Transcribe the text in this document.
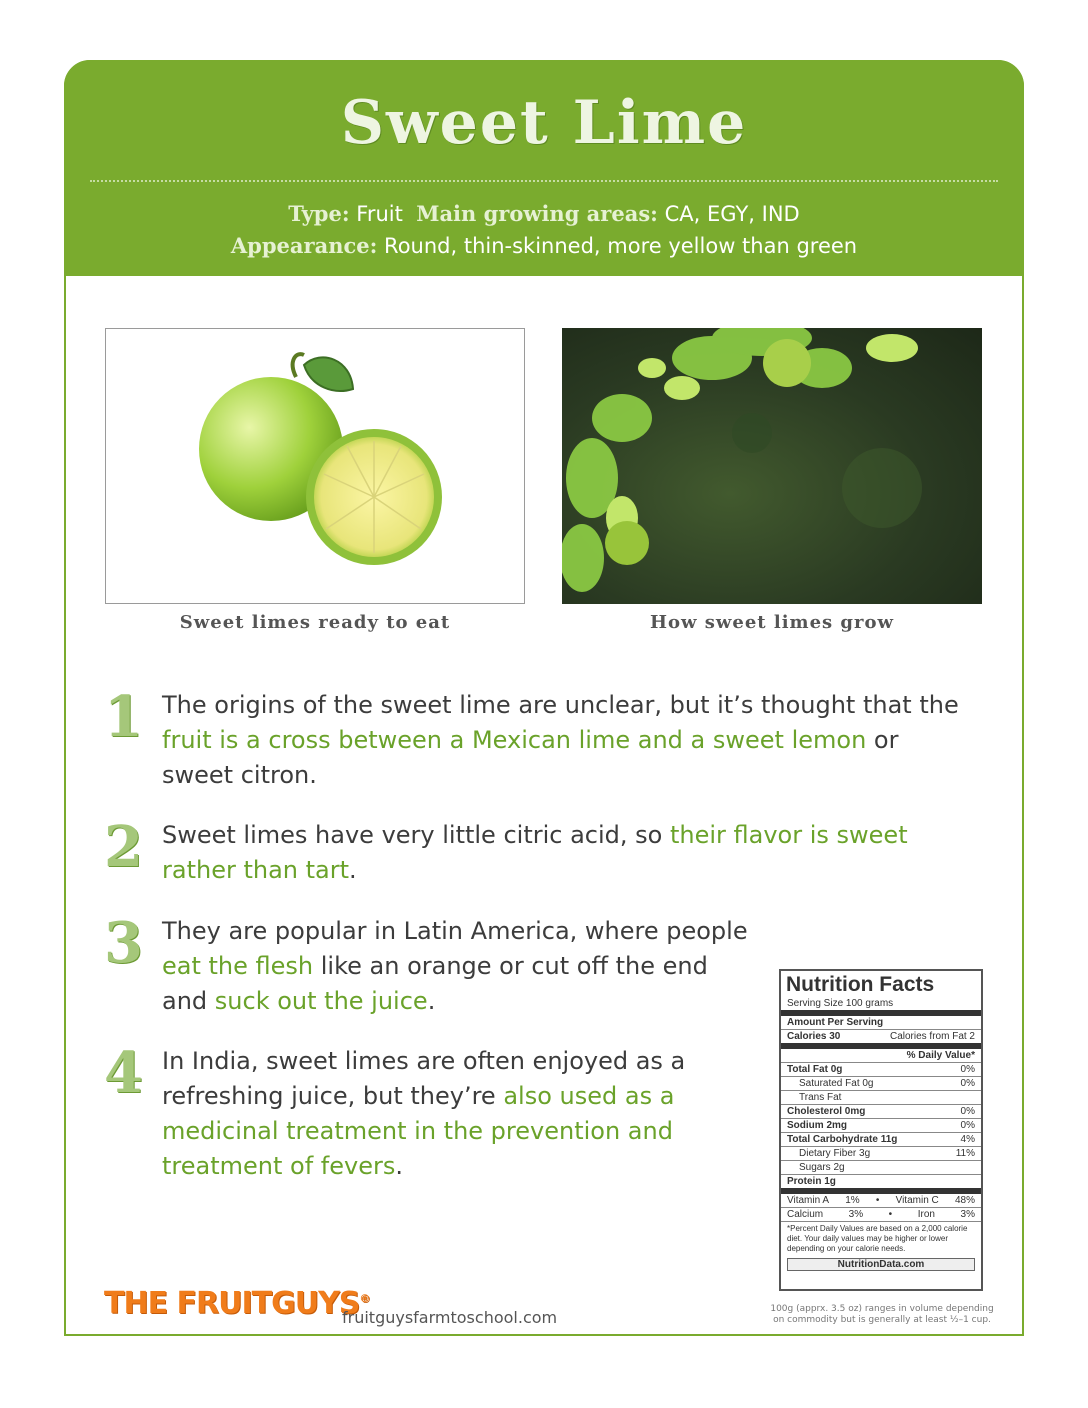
Sweet Lime
Type: Fruit Main growing areas: CA, EGY, IND
Appearance: Round, thin-skinned, more yellow than green
Sweet limes ready to eat	How sweet limes grow
1 The origins of the sweet lime are unclear, but it’s thought that the fruit is a cross between a Mexican lime and a sweet lemon or sweet citron.
2 Sweet limes have very little citric acid, so their flavor is sweet rather than tart.
3 They are popular in Latin America, where people eat the flesh like an orange or cut off the end and suck out the juice.
4 In India, sweet limes are often enjoyed as a refreshing juice, but they’re also used as a medicinal treatment in the prevention and treatment of fevers.
Nutrition Facts
Serving Size 100 grams
Amount Per Serving
Calories 30	Calories from Fat 2
% Daily Value*
Total Fat 0g	0%
Saturated Fat 0g	0%
Trans Fat
Cholesterol 0mg	0%
Sodium 2mg	0%
Total Carbohydrate 11g	4%
Dietary Fiber 3g	11%
Sugars 2g
Protein 1g
Vitamin A 1% • Vitamin C 48%
Calcium	3%	•	Iron	3%
*Percent Daily Values are based on a 2,000 calorie diet. Your daily values may be higher or lower depending on your calorie needs.
NutritionData.com
100g (apprx. 3.5 oz) ranges in volume depending on commodity but is generally at least ½–1 cup.
THE FRUITGUYS®
fruitguysfarmtoschool.com
